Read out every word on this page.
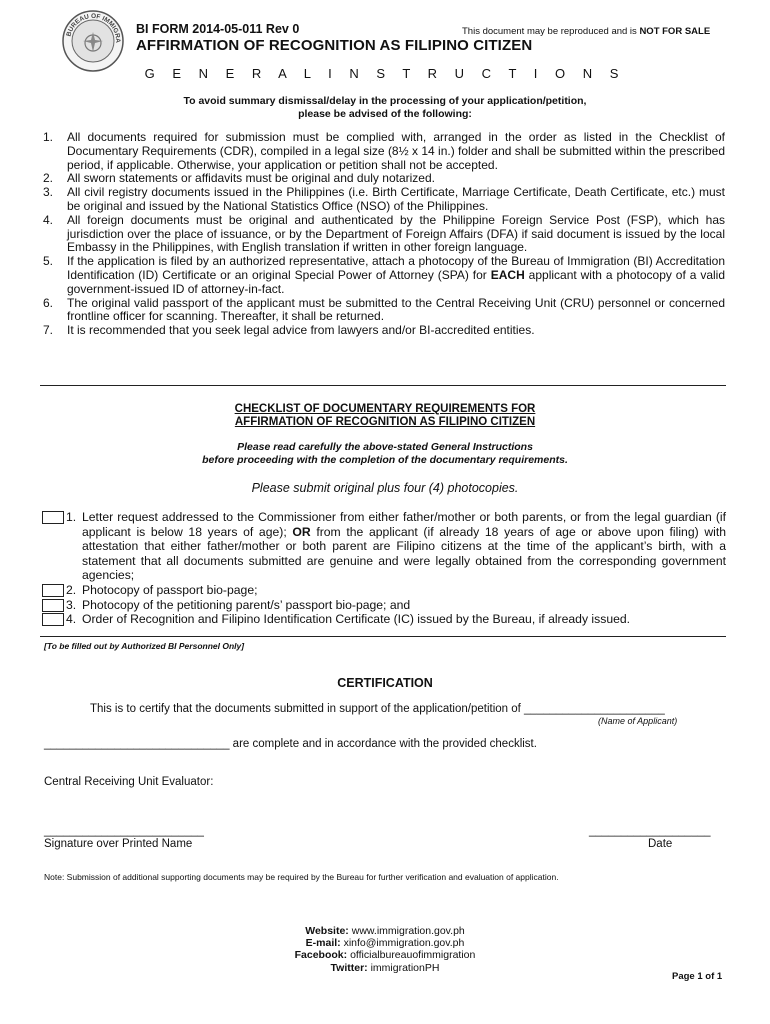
BUREAU OF IMMIGRA
BI FORM 2014-05-011 Rev 0	This document may be reproduced and is NOT FOR SALE
AFFIRMATION OF RECOGNITION AS FILIPINO CITIZEN
G E N E R A L I N S T R U C T I O N S
To avoid summary dismissal/delay in the processing of your application/petition,
please be advised of the following:
1. All documents required for submission must be complied with, arranged in the order as listed in the Checklist of Documentary Requirements (CDR), compiled in a legal size (8½ x 14 in.) folder and shall be submitted within the prescribed period, if applicable. Otherwise, your application or petition shall not be accepted.
2. All sworn statements or affidavits must be original and duly notarized.
3. All civil registry documents issued in the Philippines (i.e. Birth Certificate, Marriage Certificate, Death Certificate, etc.) must be original and issued by the National Statistics Office (NSO) of the Philippines.
4. All foreign documents must be original and authenticated by the Philippine Foreign Service Post (FSP), which has jurisdiction over the place of issuance, or by the Department of Foreign Affairs (DFA) if said document is issued by the local Embassy in the Philippines, with English translation if written in other foreign language.
5. If the application is filed by an authorized representative, attach a photocopy of the Bureau of Immigration (BI) Accreditation Identification (ID) Certificate or an original Special Power of Attorney (SPA) for EACH applicant with a photocopy of a valid government-issued ID of attorney-in-fact.
6. The original valid passport of the applicant must be submitted to the Central Receiving Unit (CRU) personnel or concerned frontline officer for scanning. Thereafter, it shall be returned.
7. It is recommended that you seek legal advice from lawyers and/or BI-accredited entities.
CHECKLIST OF DOCUMENTARY REQUIREMENTS FOR
AFFIRMATION OF RECOGNITION AS FILIPINO CITIZEN
Please read carefully the above-stated General Instructions
before proceeding with the completion of the documentary requirements.
Please submit original plus four (4) photocopies.
1. Letter request addressed to the Commissioner from either father/mother or both parents, or from the legal guardian (if applicant is below 18 years of age); OR from the applicant (if already 18 years of age or above upon filing) with attestation that either father/mother or both parent are Filipino citizens at the time of the applicant’s birth, with a statement that all documents submitted are genuine and were legally obtained from the corresponding government agencies;
2. Photocopy of passport bio-page;
3. Photocopy of the petitioning parent/s’ passport bio-page; and
4. Order of Recognition and Filipino Identification Certificate (IC) issued by the Bureau, if already issued.
[To be filled out by Authorized BI Personnel Only]
CERTIFICATION
This is to certify that the documents submitted in support of the application/petition of ______________________
(Name of Applicant)
_____________________________ are complete and in accordance with the provided checklist.
Central Receiving Unit Evaluator:
_________________________
Signature over Printed Name
___________________
Date
Note: Submission of additional supporting documents may be required by the Bureau for further verification and evaluation of application.
Website: www.immigration.gov.ph
E-mail: xinfo@immigration.gov.ph
Facebook: officialbureauofimmigration
Twitter: immigrationPH
Page 1 of 1
